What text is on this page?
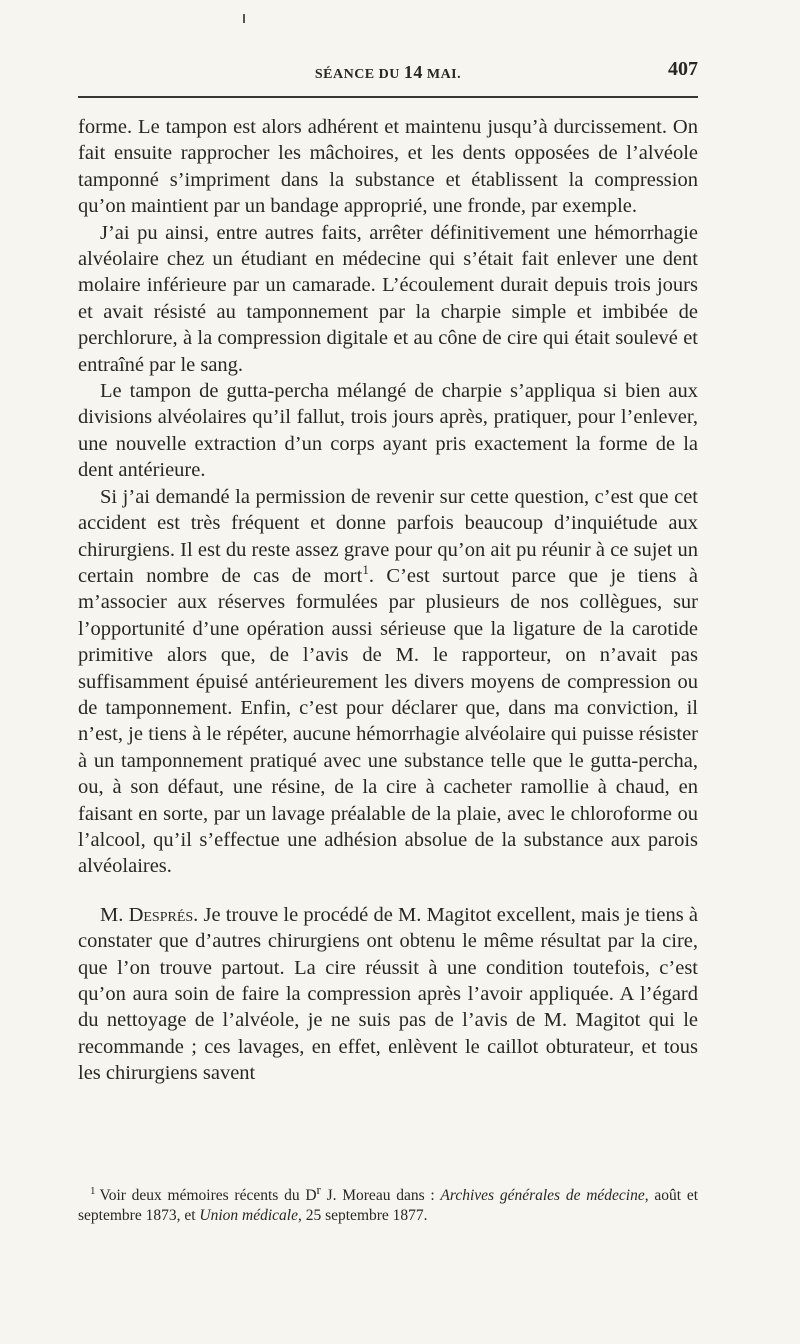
SÉANCE DU 14 MAI.	407

forme. Le tampon est alors adhérent et maintenu jusqu’à durcissement. On fait ensuite rapprocher les mâchoires, et les dents opposées de l’alvéole tamponné s’impriment dans la substance et établissent la compression qu’on maintient par un bandage approprié, une fronde, par exemple.

J’ai pu ainsi, entre autres faits, arrêter définitivement une hémorrhagie alvéolaire chez un étudiant en médecine qui s’était fait enlever une dent molaire inférieure par un camarade. L’écoulement durait depuis trois jours et avait résisté au tamponnement par la charpie simple et imbibée de perchlorure, à la compression digitale et au cône de cire qui était soulevé et entraîné par le sang.

Le tampon de gutta-percha mélangé de charpie s’appliqua si bien aux divisions alvéolaires qu’il fallut, trois jours après, pratiquer, pour l’enlever, une nouvelle extraction d’un corps ayant pris exactement la forme de la dent antérieure.

Si j’ai demandé la permission de revenir sur cette question, c’est que cet accident est très fréquent et donne parfois beaucoup d’inquiétude aux chirurgiens. Il est du reste assez grave pour qu’on ait pu réunir à ce sujet un certain nombre de cas de mort$^1$. C’est surtout parce que je tiens à m’associer aux réserves formulées par plusieurs de nos collègues, sur l’opportunité d’une opération aussi sérieuse que la ligature de la carotide primitive alors que, de l’avis de M. le rapporteur, on n’avait pas suffisamment épuisé antérieurement les divers moyens de compression ou de tamponnement. Enfin, c’est pour déclarer que, dans ma conviction, il n’est, je tiens à le répéter, aucune hémorrhagie alvéolaire qui puisse résister à un tamponnement pratiqué avec une substance telle que le gutta-percha, ou, à son défaut, une résine, de la cire à cacheter ramollie à chaud, en faisant en sorte, par un lavage préalable de la plaie, avec le chloroforme ou l’alcool, qu’il s’effectue une adhésion absolue de la substance aux parois alvéolaires.

M. Després. Je trouve le procédé de M. Magitot excellent, mais je tiens à constater que d’autres chirurgiens ont obtenu le même résultat par la cire, que l’on trouve partout. La cire réussit à une condition toutefois, c’est qu’on aura soin de faire la compression après l’avoir appliquée. A l’égard du nettoyage de l’alvéole, je ne suis pas de l’avis de M. Magitot qui le recommande ; ces lavages, en effet, enlèvent le caillot obturateur, et tous les chirurgiens savent

$^1$ Voir deux mémoires récents du $D^r$ J. Moreau dans : Archives générales de médecine, août et septembre 1873, et Union médicale, 25 septembre 1877.
